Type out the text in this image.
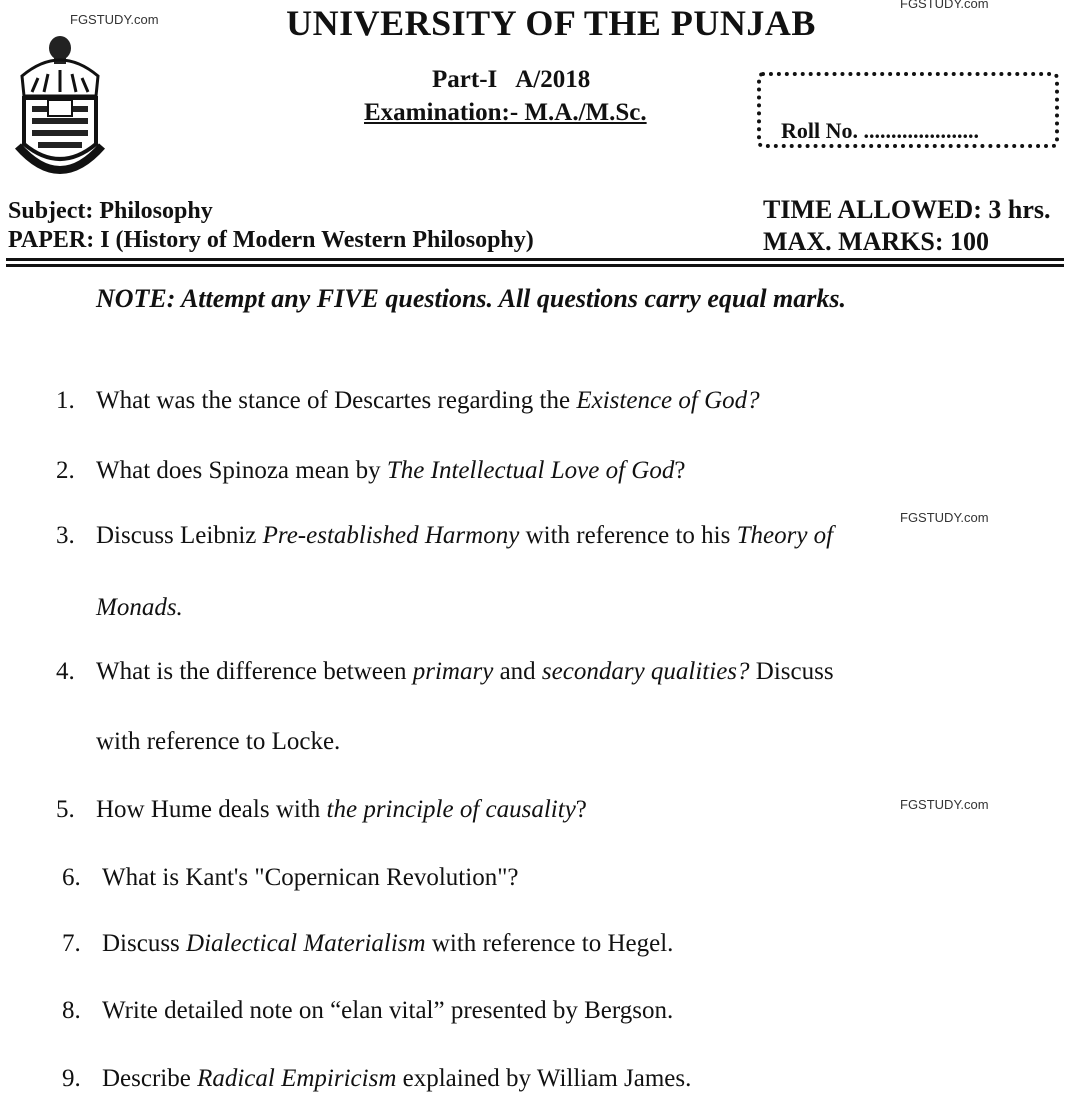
FGSTUDY.com
FGSTUDY.com
FGSTUDY.com
FGSTUDY.com
UNIVERSITY OF THE PUNJAB
Part-I A/2018
Examination:- M.A./M.Sc.
Roll No. .....................
Subject: Philosophy
PAPER: I (History of Modern Western Philosophy)
TIME ALLOWED: 3 hrs.
MAX. MARKS: 100
NOTE: Attempt any FIVE questions. All questions carry equal marks.
1. What was the stance of Descartes regarding the Existence of God?
2. What does Spinoza mean by The Intellectual Love of God?
3. Discuss Leibniz Pre-established Harmony with reference to his Theory of
Monads.
4. What is the difference between primary and secondary qualities? Discuss
with reference to Locke.
5. How Hume deals with the principle of causality?
6. What is Kant's "Copernican Revolution"?
7. Discuss Dialectical Materialism with reference to Hegel.
8. Write detailed note on “elan vital” presented by Bergson.
9. Describe Radical Empiricism explained by William James.
